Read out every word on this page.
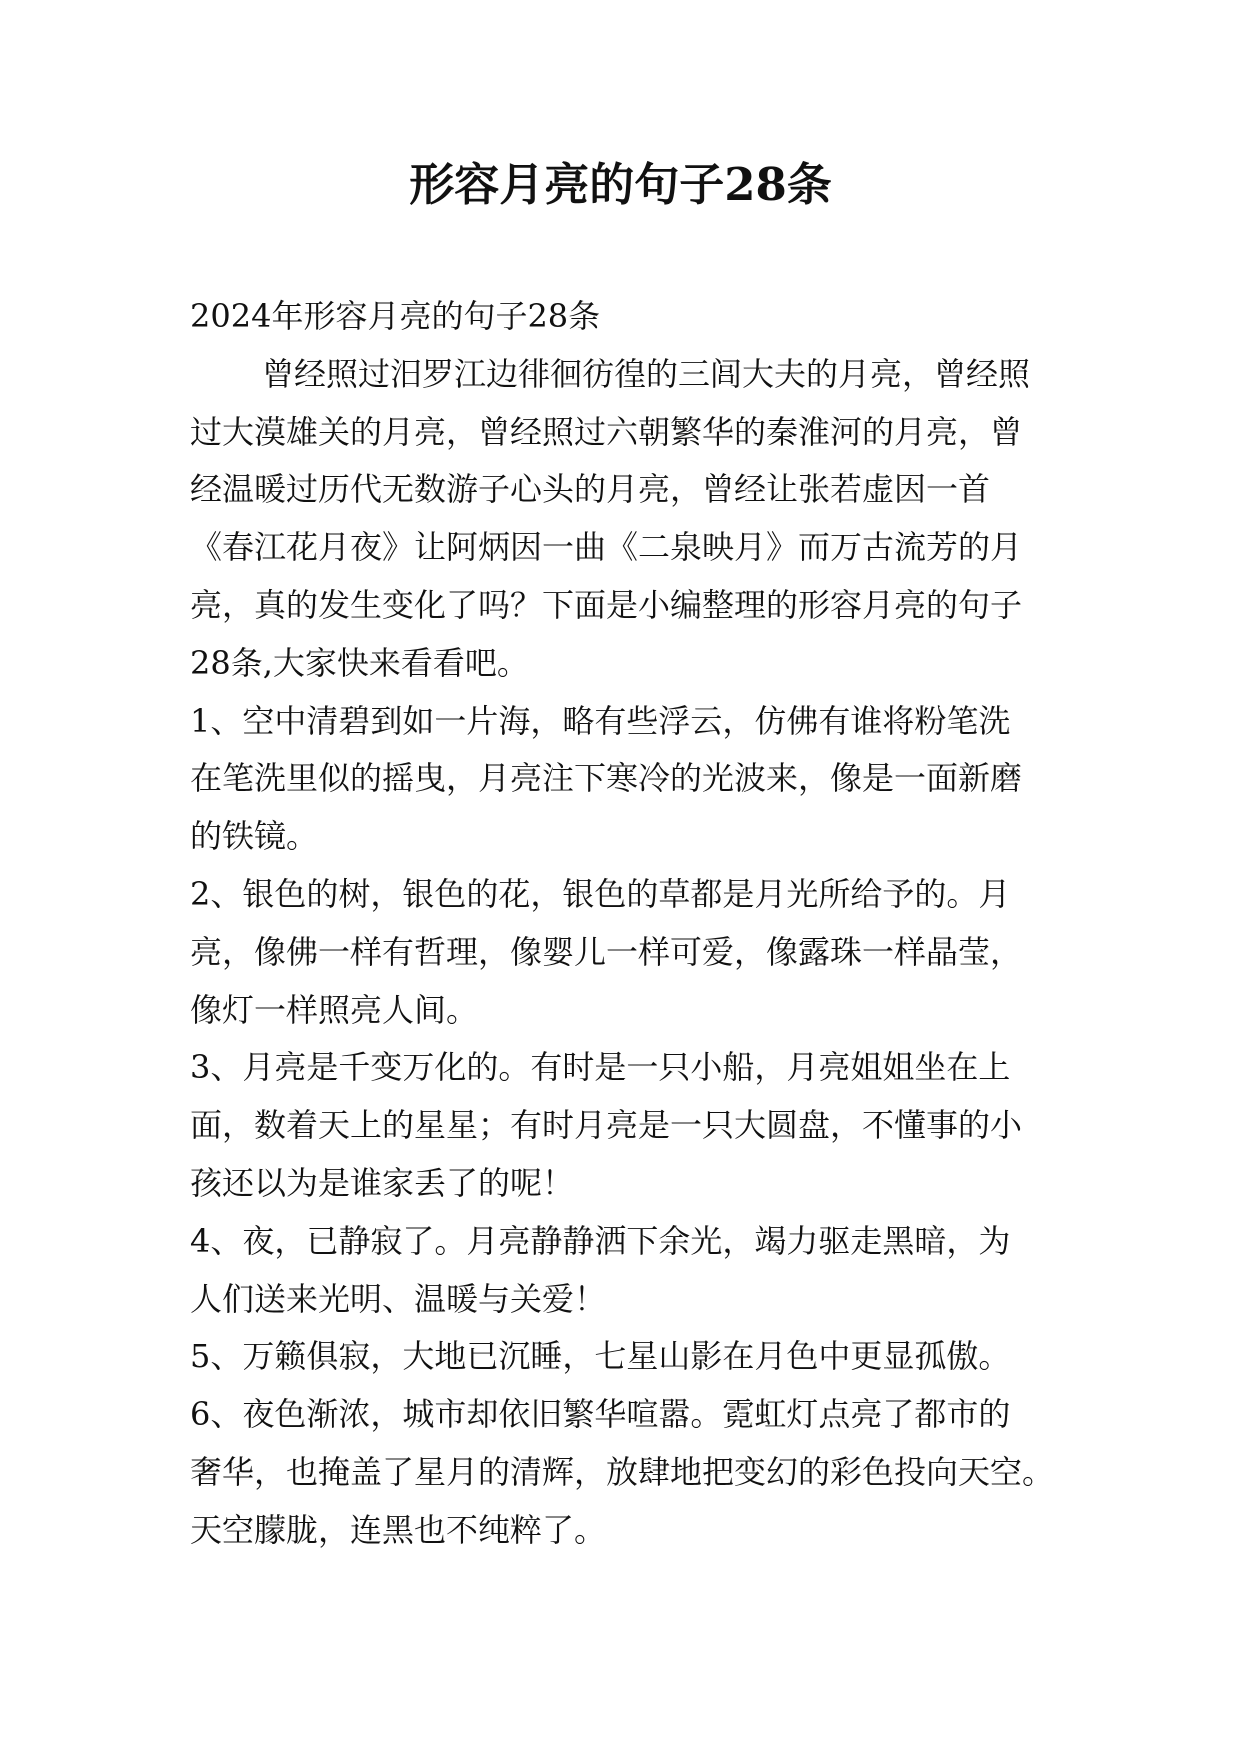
形容月亮的句子28条
2024年形容月亮的句子28条
曾经照过汨罗江边徘徊彷徨的三闾大夫的月亮，曾经照
过大漠雄关的月亮，曾经照过六朝繁华的秦淮河的月亮，曾
经温暖过历代无数游子心头的月亮，曾经让张若虚因一首
《春江花月夜》让阿炳因一曲《二泉映月》而万古流芳的月
亮，真的发生变化了吗？下面是小编整理的形容月亮的句子
28条,大家快来看看吧。
1、空中清碧到如一片海，略有些浮云，仿佛有谁将粉笔洗
在笔洗里似的摇曳，月亮注下寒冷的光波来，像是一面新磨
的铁镜。
2、银色的树，银色的花，银色的草都是月光所给予的。月
亮，像佛一样有哲理，像婴儿一样可爱，像露珠一样晶莹，
像灯一样照亮人间。
3、月亮是千变万化的。有时是一只小船，月亮姐姐坐在上
面，数着天上的星星；有时月亮是一只大圆盘，不懂事的小
孩还以为是谁家丢了的呢！
4、夜，已静寂了。月亮静静洒下余光，竭力驱走黑暗，为
人们送来光明、温暖与关爱！
5、万籁俱寂，大地已沉睡，七星山影在月色中更显孤傲。
6、夜色渐浓，城市却依旧繁华喧嚣。霓虹灯点亮了都市的
奢华，也掩盖了星月的清辉，放肆地把变幻的彩色投向天空。
天空朦胧，连黑也不纯粹了。
